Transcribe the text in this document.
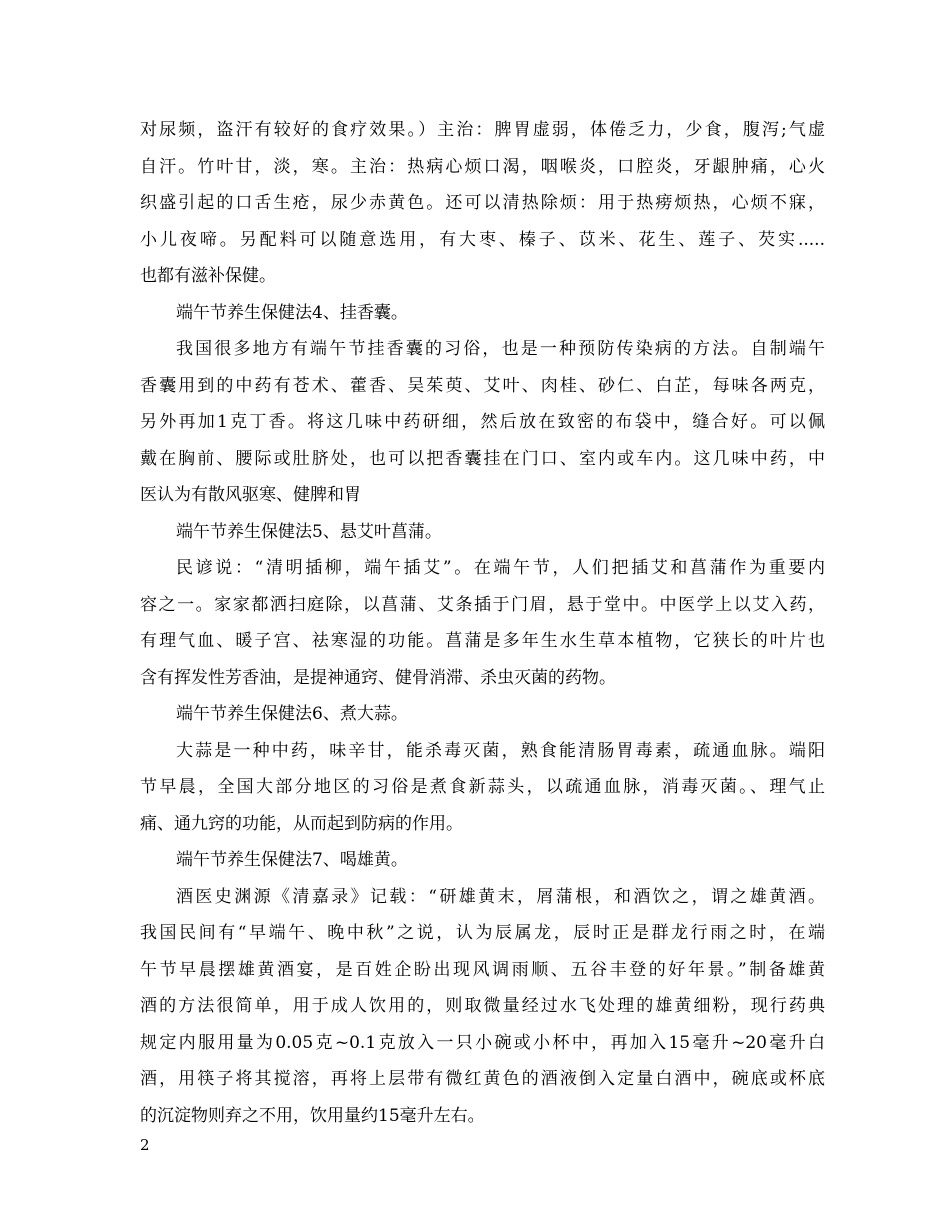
对尿频，盗汗有较好的食疗效果。）主治：脾胃虚弱，体倦乏力，少食，腹泻;气虚
自汗。竹叶甘，淡，寒。主治：热病心烦口渴，咽喉炎，口腔炎，牙龈肿痛，心火
织盛引起的口舌生疮，尿少赤黄色。还可以清热除烦：用于热痨烦热，心烦不寐，
小儿夜啼。另配料可以随意选用，有大枣、榛子、苡米、花生、莲子、芡实.....
也都有滋补保健。
端午节养生保健法4、挂香囊。
我国很多地方有端午节挂香囊的习俗，也是一种预防传染病的方法。自制端午
香囊用到的中药有苍术、藿香、吴茱萸、艾叶、肉桂、砂仁、白芷，每味各两克，
另外再加1克丁香。将这几味中药研细，然后放在致密的布袋中，缝合好。可以佩
戴在胸前、腰际或肚脐处，也可以把香囊挂在门口、室内或车内。这几味中药，中
医认为有散风驱寒、健脾和胃
端午节养生保健法5、悬艾叶菖蒲。
民谚说：“清明插柳，端午插艾”。在端午节，人们把插艾和菖蒲作为重要内
容之一。家家都洒扫庭除，以菖蒲、艾条插于门眉，悬于堂中。中医学上以艾入药，
有理气血、暖子宫、祛寒湿的功能。菖蒲是多年生水生草本植物，它狭长的叶片也
含有挥发性芳香油，是提神通窍、健骨消滞、杀虫灭菌的药物。
端午节养生保健法6、煮大蒜。
大蒜是一种中药，味辛甘，能杀毒灭菌，熟食能清肠胃毒素，疏通血脉。端阳
节早晨，全国大部分地区的习俗是煮食新蒜头，以疏通血脉，消毒灭菌。、理气止
痛、通九窍的功能，从而起到防病的作用。
端午节养生保健法7、喝雄黄。
酒医史渊源《清嘉录》记载：“研雄黄末，屑蒲根，和酒饮之，谓之雄黄酒。
我国民间有“早端午、晚中秋”之说，认为辰属龙，辰时正是群龙行雨之时，在端
午节早晨摆雄黄酒宴，是百姓企盼出现风调雨顺、五谷丰登的好年景。”制备雄黄
酒的方法很简单，用于成人饮用的，则取微量经过水飞处理的雄黄细粉，现行药典
规定内服用量为0.05克~0.1克放入一只小碗或小杯中，再加入15毫升~20毫升白
酒，用筷子将其搅溶，再将上层带有微红黄色的酒液倒入定量白酒中，碗底或杯底
的沉淀物则弃之不用，饮用量约15毫升左右。
2
